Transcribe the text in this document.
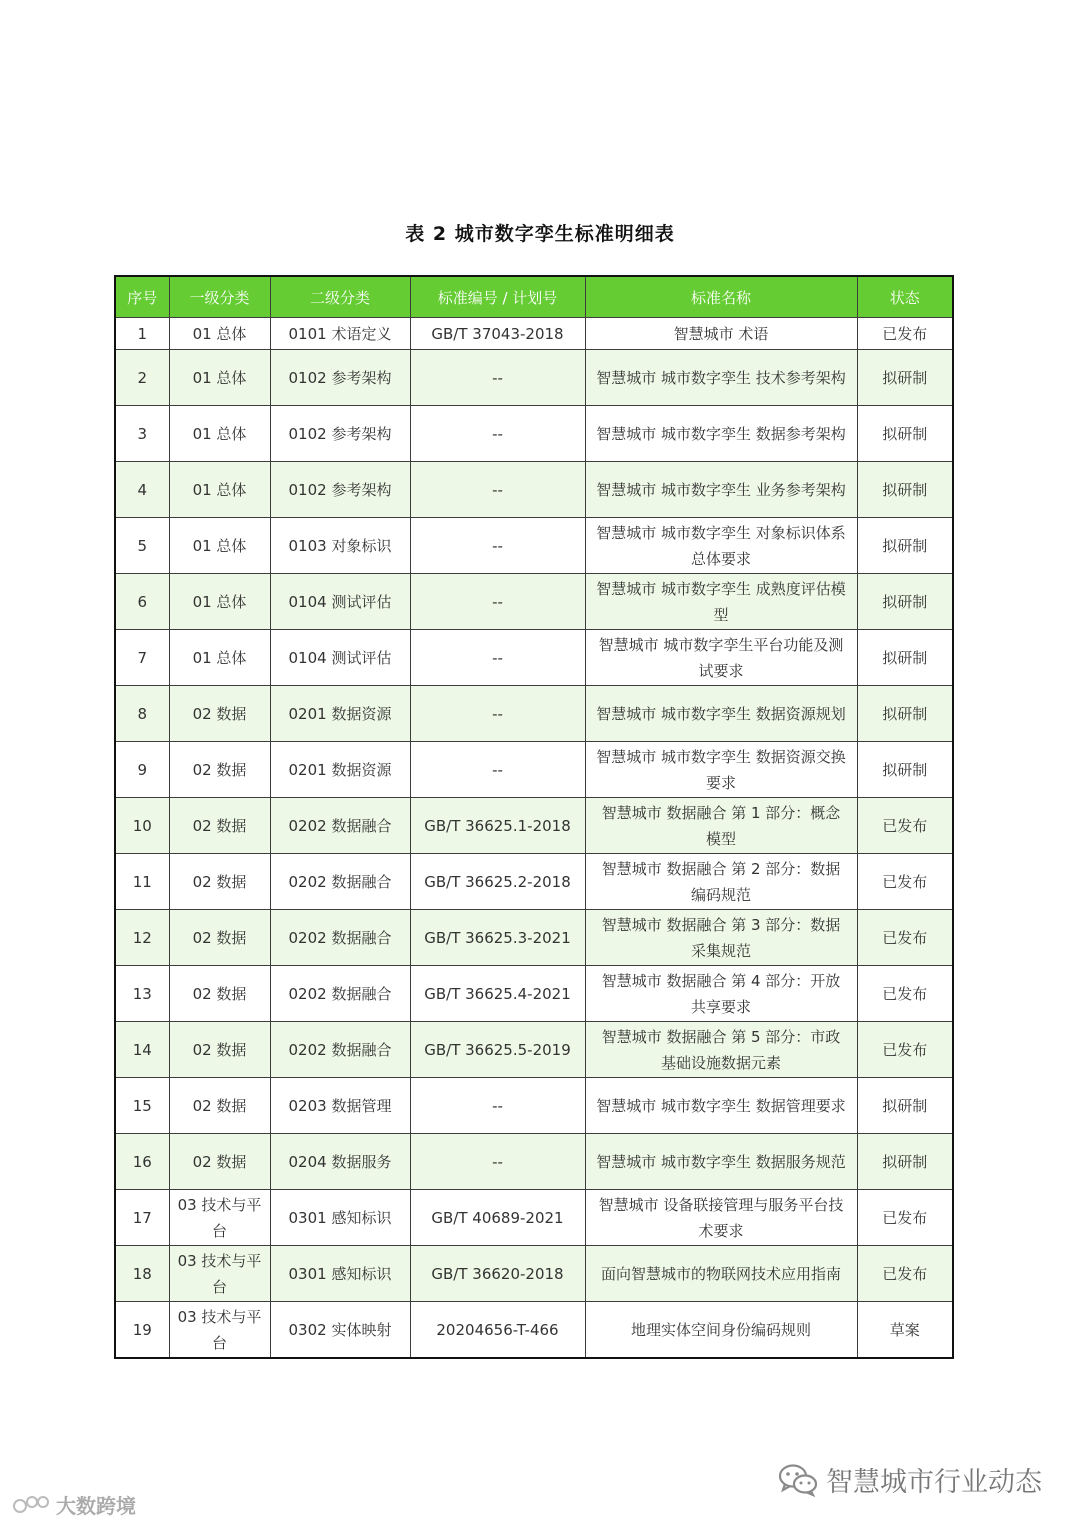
表 2 城市数字孪生标准明细表
序号	一级分类	二级分类	标准编号 / 计划号	标准名称	状态
1	01 总体	0101 术语定义	GB/T 37043-2018	智慧城市 术语	已发布
2	01 总体	0102 参考架构	--	智慧城市 城市数字孪生 技术参考架构	拟研制
3	01 总体	0102 参考架构	--	智慧城市 城市数字孪生 数据参考架构	拟研制
4	01 总体	0102 参考架构	--	智慧城市 城市数字孪生 业务参考架构	拟研制
5	01 总体	0103 对象标识	--	智慧城市 城市数字孪生 对象标识体系总体要求	拟研制
6	01 总体	0104 测试评估	--	智慧城市 城市数字孪生 成熟度评估模型	拟研制
7	01 总体	0104 测试评估	--	智慧城市 城市数字孪生平台功能及测试要求	拟研制
8	02 数据	0201 数据资源	--	智慧城市 城市数字孪生 数据资源规划	拟研制
9	02 数据	0201 数据资源	--	智慧城市 城市数字孪生 数据资源交换要求	拟研制
10	02 数据	0202 数据融合	GB/T 36625.1-2018	智慧城市 数据融合 第 1 部分：概念模型	已发布
11	02 数据	0202 数据融合	GB/T 36625.2-2018	智慧城市 数据融合 第 2 部分：数据编码规范	已发布
12	02 数据	0202 数据融合	GB/T 36625.3-2021	智慧城市 数据融合 第 3 部分：数据采集规范	已发布
13	02 数据	0202 数据融合	GB/T 36625.4-2021	智慧城市 数据融合 第 4 部分：开放共享要求	已发布
14	02 数据	0202 数据融合	GB/T 36625.5-2019	智慧城市 数据融合 第 5 部分：市政基础设施数据元素	已发布
15	02 数据	0203 数据管理	--	智慧城市 城市数字孪生 数据管理要求	拟研制
16	02 数据	0204 数据服务	--	智慧城市 城市数字孪生 数据服务规范	拟研制
17	03 技术与平台	0301 感知标识	GB/T 40689-2021	智慧城市 设备联接管理与服务平台技术要求	已发布
18	03 技术与平台	0301 感知标识	GB/T 36620-2018	面向智慧城市的物联网技术应用指南	已发布
19	03 技术与平台	0302 实体映射	20204656-T-466	地理实体空间身份编码规则	草案
智慧城市行业动态
大数跨境
